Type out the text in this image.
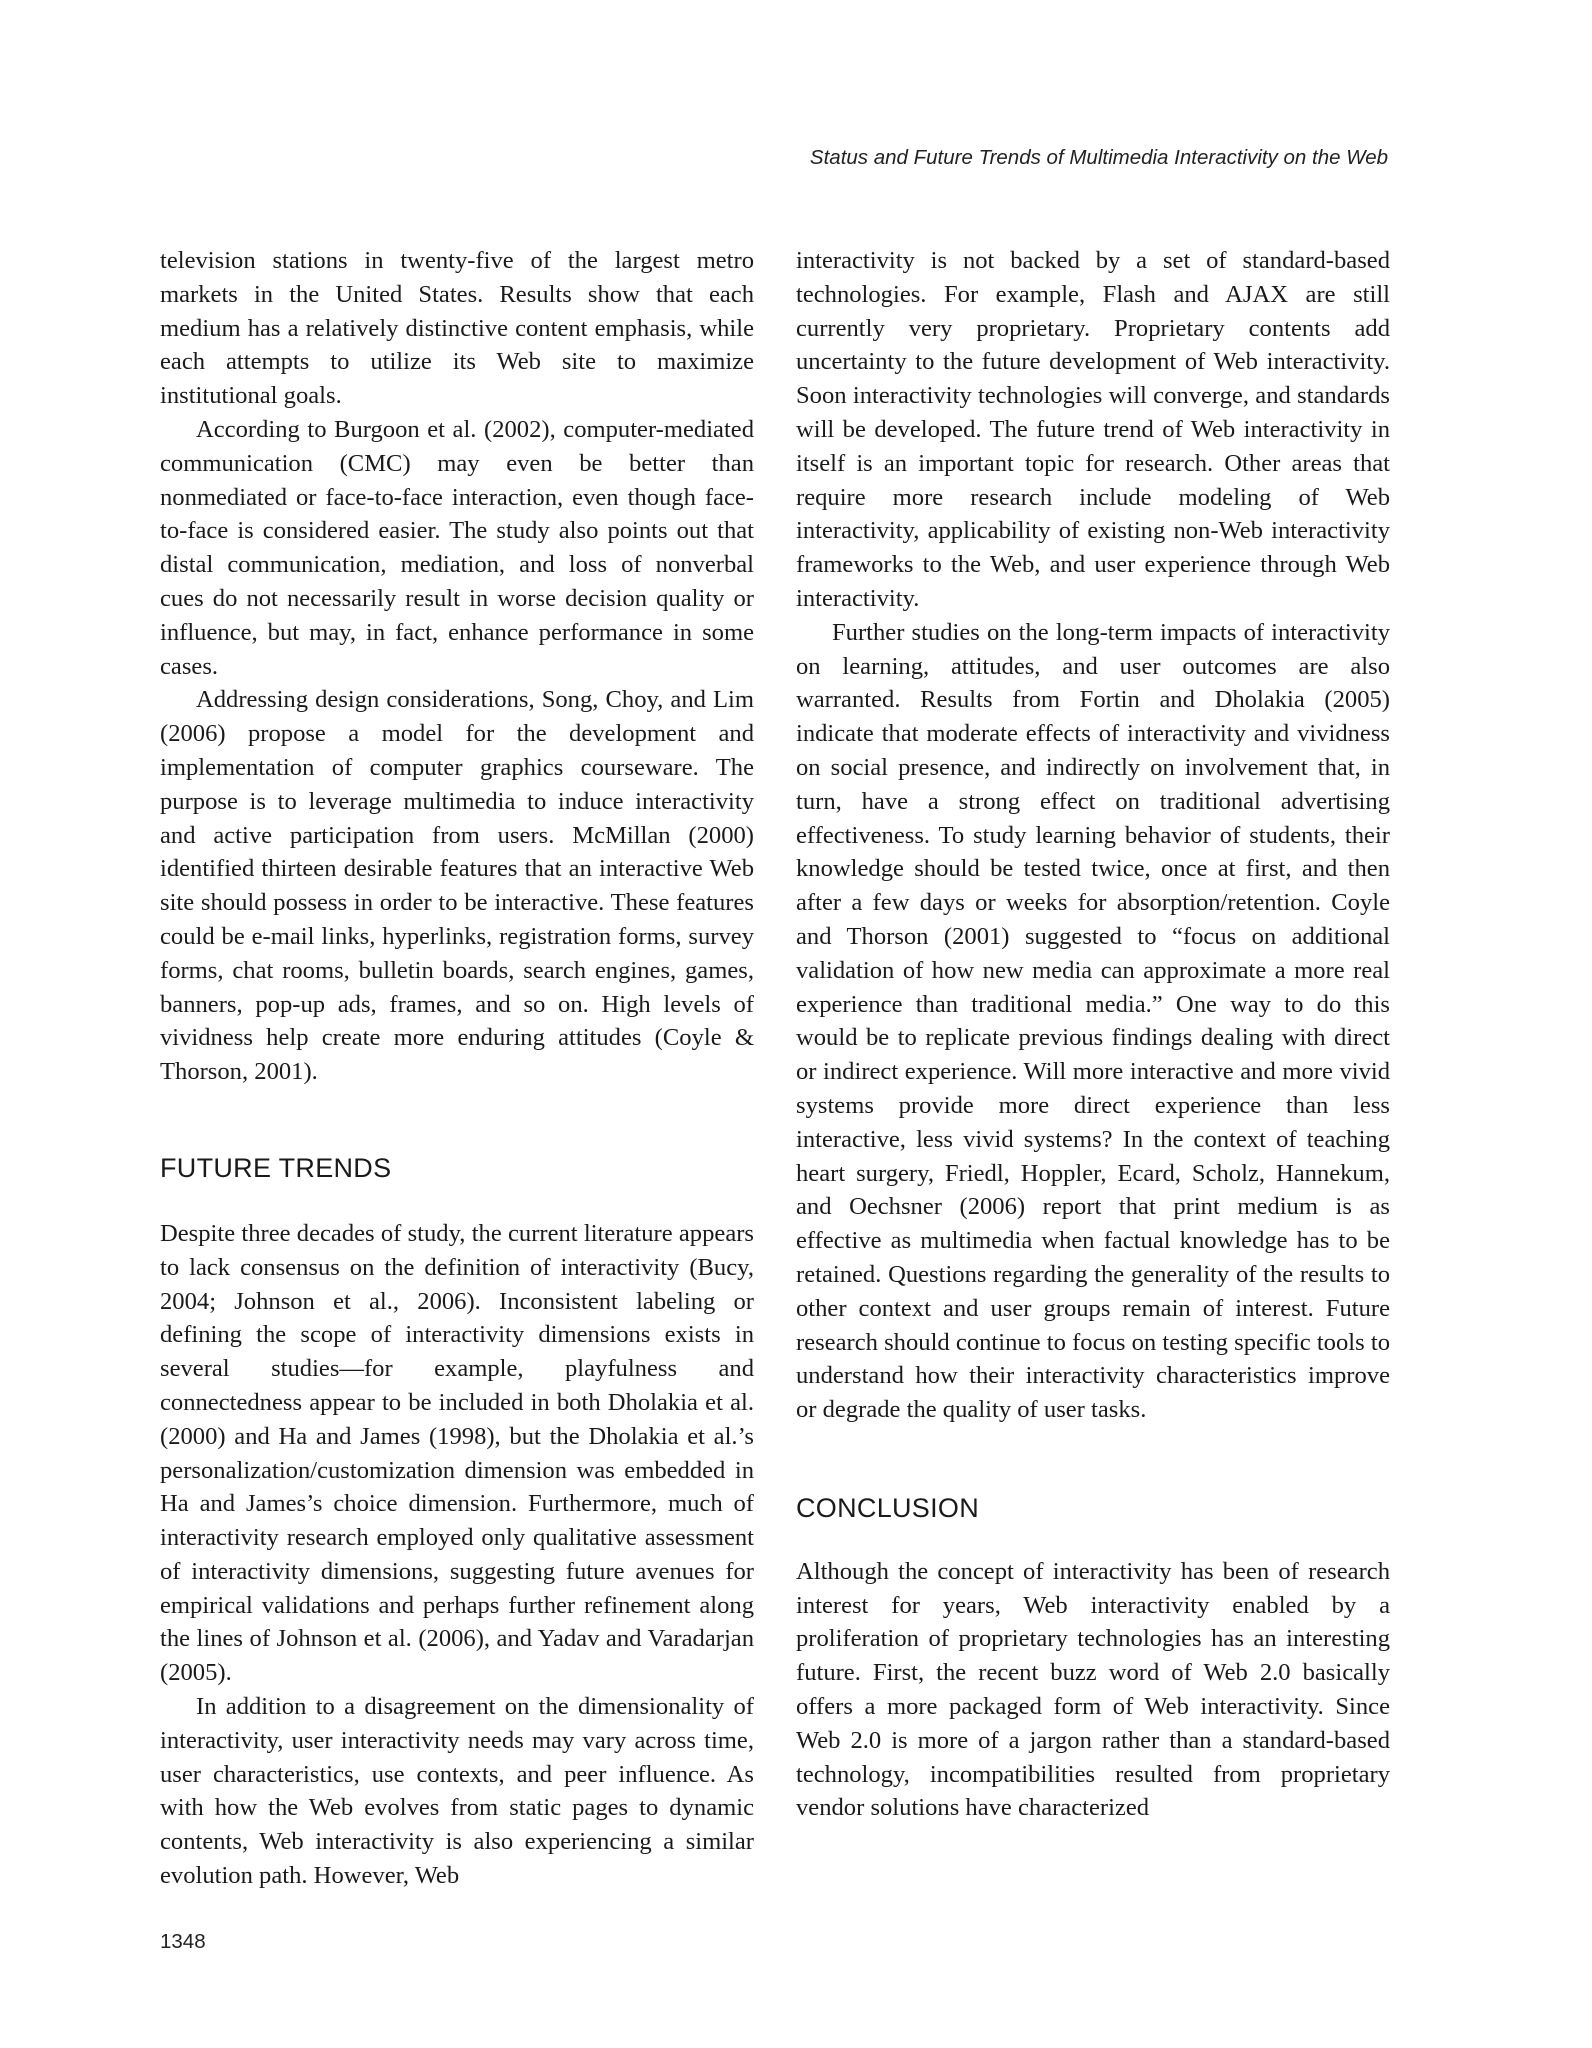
Status and Future Trends of Multimedia Interactivity on the Web

television stations in twenty-five of the largest metro markets in the United States. Results show that each medium has a relatively distinctive content emphasis, while each attempts to utilize its Web site to maximize institutional goals.

According to Burgoon et al. (2002), computer-mediated communication (CMC) may even be better than nonmediated or face-to-face interaction, even though face-to-face is considered easier. The study also points out that distal communication, mediation, and loss of nonverbal cues do not necessarily result in worse decision quality or influence, but may, in fact, enhance performance in some cases.

Addressing design considerations, Song, Choy, and Lim (2006) propose a model for the development and implementation of computer graphics courseware. The purpose is to leverage multimedia to induce interactivity and active participation from users. McMillan (2000) identified thirteen desirable features that an interactive Web site should possess in order to be interactive. These features could be e-mail links, hyperlinks, registration forms, survey forms, chat rooms, bulletin boards, search engines, games, banners, pop-up ads, frames, and so on. High levels of vividness help create more enduring attitudes (Coyle & Thorson, 2001).

FUTURE TRENDS

Despite three decades of study, the current literature appears to lack consensus on the definition of interactivity (Bucy, 2004; Johnson et al., 2006). Inconsistent labeling or defining the scope of interactivity dimensions exists in several studies—for example, playfulness and connectedness appear to be included in both Dholakia et al. (2000) and Ha and James (1998), but the Dholakia et al.’s personalization/customization dimension was embedded in Ha and James’s choice dimension. Furthermore, much of interactivity research employed only qualitative assessment of interactivity dimensions, suggesting future avenues for empirical validations and perhaps further refinement along the lines of Johnson et al. (2006), and Yadav and Varadarjan (2005).

In addition to a disagreement on the dimensionality of interactivity, user interactivity needs may vary across time, user characteristics, use contexts, and peer influence. As with how the Web evolves from static pages to dynamic contents, Web interactivity is also experiencing a similar evolution path. However, Web

interactivity is not backed by a set of standard-based technologies. For example, Flash and AJAX are still currently very proprietary. Proprietary contents add uncertainty to the future development of Web interactivity. Soon interactivity technologies will converge, and standards will be developed. The future trend of Web interactivity in itself is an important topic for research. Other areas that require more research include modeling of Web interactivity, applicability of existing non-Web interactivity frameworks to the Web, and user experience through Web interactivity.

Further studies on the long-term impacts of interactivity on learning, attitudes, and user outcomes are also warranted. Results from Fortin and Dholakia (2005) indicate that moderate effects of interactivity and vividness on social presence, and indirectly on involvement that, in turn, have a strong effect on traditional advertising effectiveness. To study learning behavior of students, their knowledge should be tested twice, once at first, and then after a few days or weeks for absorption/retention. Coyle and Thorson (2001) suggested to “focus on additional validation of how new media can approximate a more real experience than traditional media.” One way to do this would be to replicate previous findings dealing with direct or indirect experience. Will more interactive and more vivid systems provide more direct experience than less interactive, less vivid systems? In the context of teaching heart surgery, Friedl, Hoppler, Ecard, Scholz, Hannekum, and Oechsner (2006) report that print medium is as effective as multimedia when factual knowledge has to be retained. Questions regarding the generality of the results to other context and user groups remain of interest. Future research should continue to focus on testing specific tools to understand how their interactivity characteristics improve or degrade the quality of user tasks.

CONCLUSION

Although the concept of interactivity has been of research interest for years, Web interactivity enabled by a proliferation of proprietary technologies has an interesting future. First, the recent buzz word of Web 2.0 basically offers a more packaged form of Web interactivity. Since Web 2.0 is more of a jargon rather than a standard-based technology, incompatibilities resulted from proprietary vendor solutions have characterized

1348
